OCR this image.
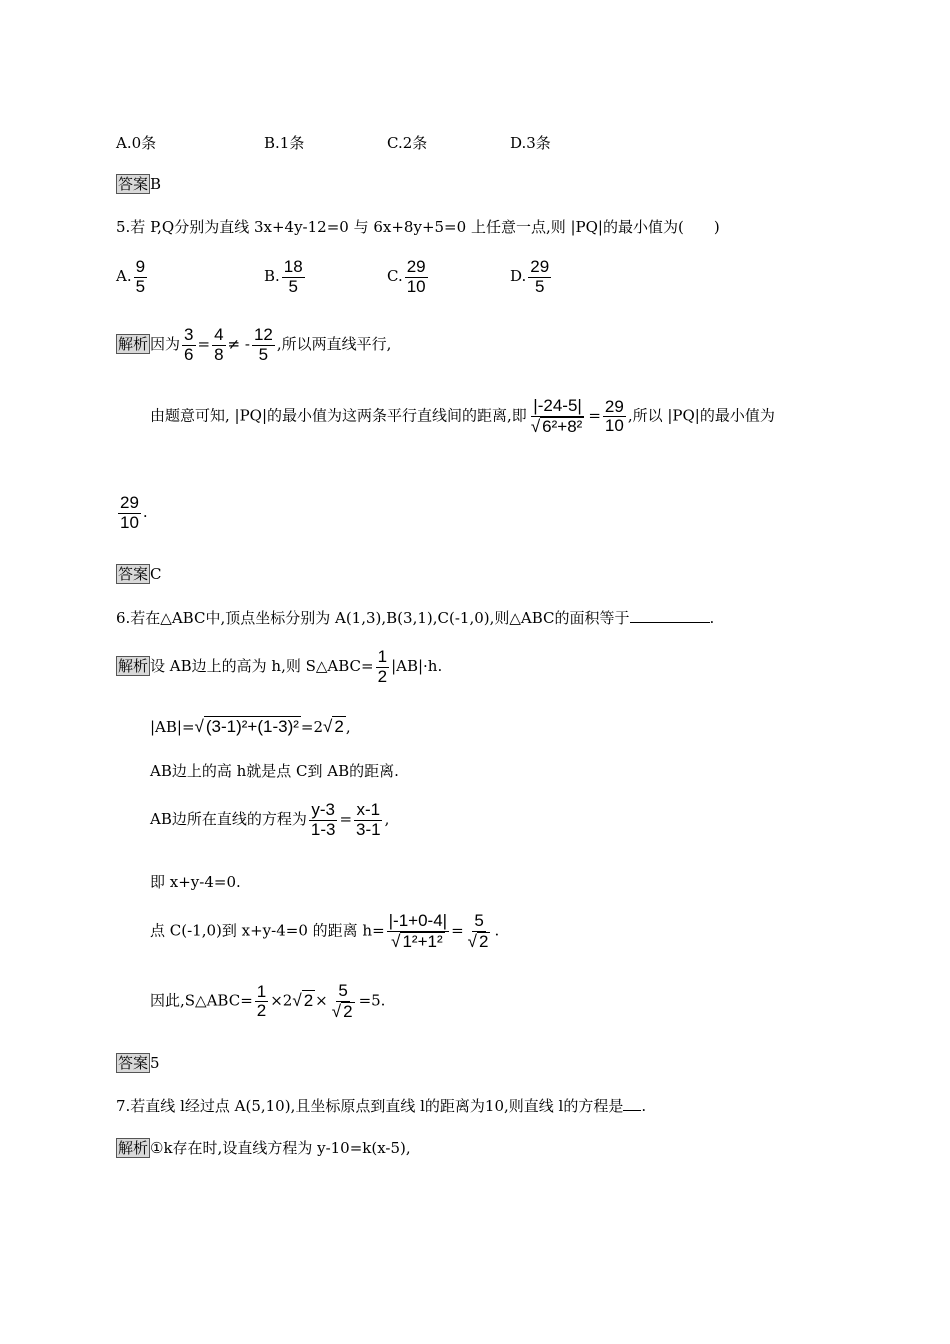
A.0条	B.1条	C.2条	D.3条
答案 B
5.若 P,Q分别为直线 3x+4y-12=0 与 6x+8y+5=0 上任意一点,则 |PQ|的最小值为(　　)
A. $\frac{9}{5}$	B. $\frac{18}{5}$	C. $\frac{29}{10}$	D. $\frac{29}{5}$
解析 因为 $\frac{3}{6} = \frac{4}{8}$ ≠ - $\frac{12}{5}$ ,所以两直线平行,
由题意可知, |PQ|的最小值为这两条平行直线间的距离,即 $\frac{|-24-5|}{\text{√ 6²+8²}} = \frac{29}{10}$ ,所以 |PQ|的最小值为
$\frac{29}{10}$ .
答案 C
6.若在△ABC中,顶点坐标分别为 A(1,3),B(3,1),C(-1,0),则△ABC的面积等于	.
解析 设 AB边上的高为 h,则 S△ABC= $\frac{1}{2} |AB|\cdot h$.
|AB|= √ (3-1)²+(1-3)² =2 √ 2 ,
AB边上的高 h就是点 C到 AB的距离.
AB边所在直线的方程为 $\frac{y-3}{1-3} = \frac{x-1}{3-1}$ ,
即 x+y-4=0.
点 C(-1,0)到 x+y-4=0 的距离 $h= \frac{|-1+0-4|}{\text{√ 1²+1²}} = \frac{5}{√ 2}$ .
因此,S△ABC= $\frac{1}{2} \times 2$ √ $2 \times \frac{5}{√ 2} =5$.
答案 5
7.若直线 l经过点 A(5,10),且坐标原点到直线 l的距离为10,则直线 l的方程是 .
解析 ①k存在时,设直线方程为 y-10=k(x-5),
